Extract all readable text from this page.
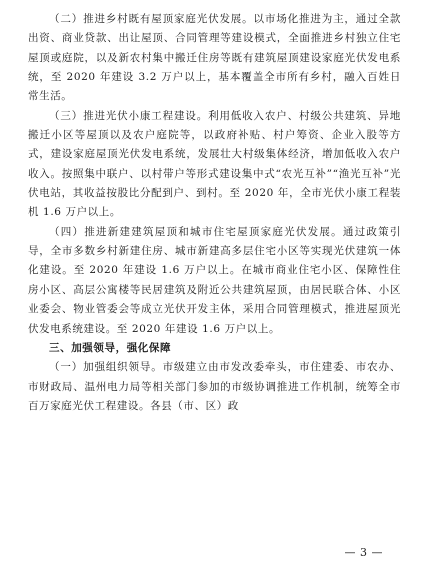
（二）推进乡村既有屋顶家庭光伏发展。以市场化推进为主，通过全款出资、商业贷款、出让屋顶、合同管理等建设模式，全面推进乡村独立住宅屋顶或庭院，以及新农村集中搬迁住房等既有建筑屋顶建设家庭光伏发电系统，至 2020 年建设 3.2 万户以上，基本覆盖全市所有乡村，融入百姓日常生活。

（三）推进光伏小康工程建设。利用低收入农户、村级公共建筑、异地搬迁小区等屋顶以及农户庭院等，以政府补贴、村户筹资、企业入股等方式，建设家庭屋顶光伏发电系统，发展壮大村级集体经济，增加低收入农户收入。按照集中联户、以村带户等形式建设集中式“农光互补”“渔光互补”光伏电站，其收益按股比分配到户、到村。至 2020 年，全市光伏小康工程装机 1.6 万户以上。

（四）推进新建建筑屋顶和城市住宅屋顶家庭光伏发展。通过政策引导，全市多数乡村新建住房、城市新建高多层住宅小区等实现光伏建筑一体化建设。至 2020 年建设 1.6 万户以上。在城市商业住宅小区、保障性住房小区、高层公寓楼等民居建筑及附近公共建筑屋顶，由居民联合体、小区业委会、物业管委会等成立光伏开发主体，采用合同管理模式，推进屋顶光伏发电系统建设。至 2020 年建设 1.6 万户以上。

三、加强领导，强化保障

（一）加强组织领导。市级建立由市发改委牵头，市住建委、市农办、市财政局、温州电力局等相关部门参加的市级协调推进工作机制，统筹全市百万家庭光伏工程建设。各县（市、区）政

— 3 —
